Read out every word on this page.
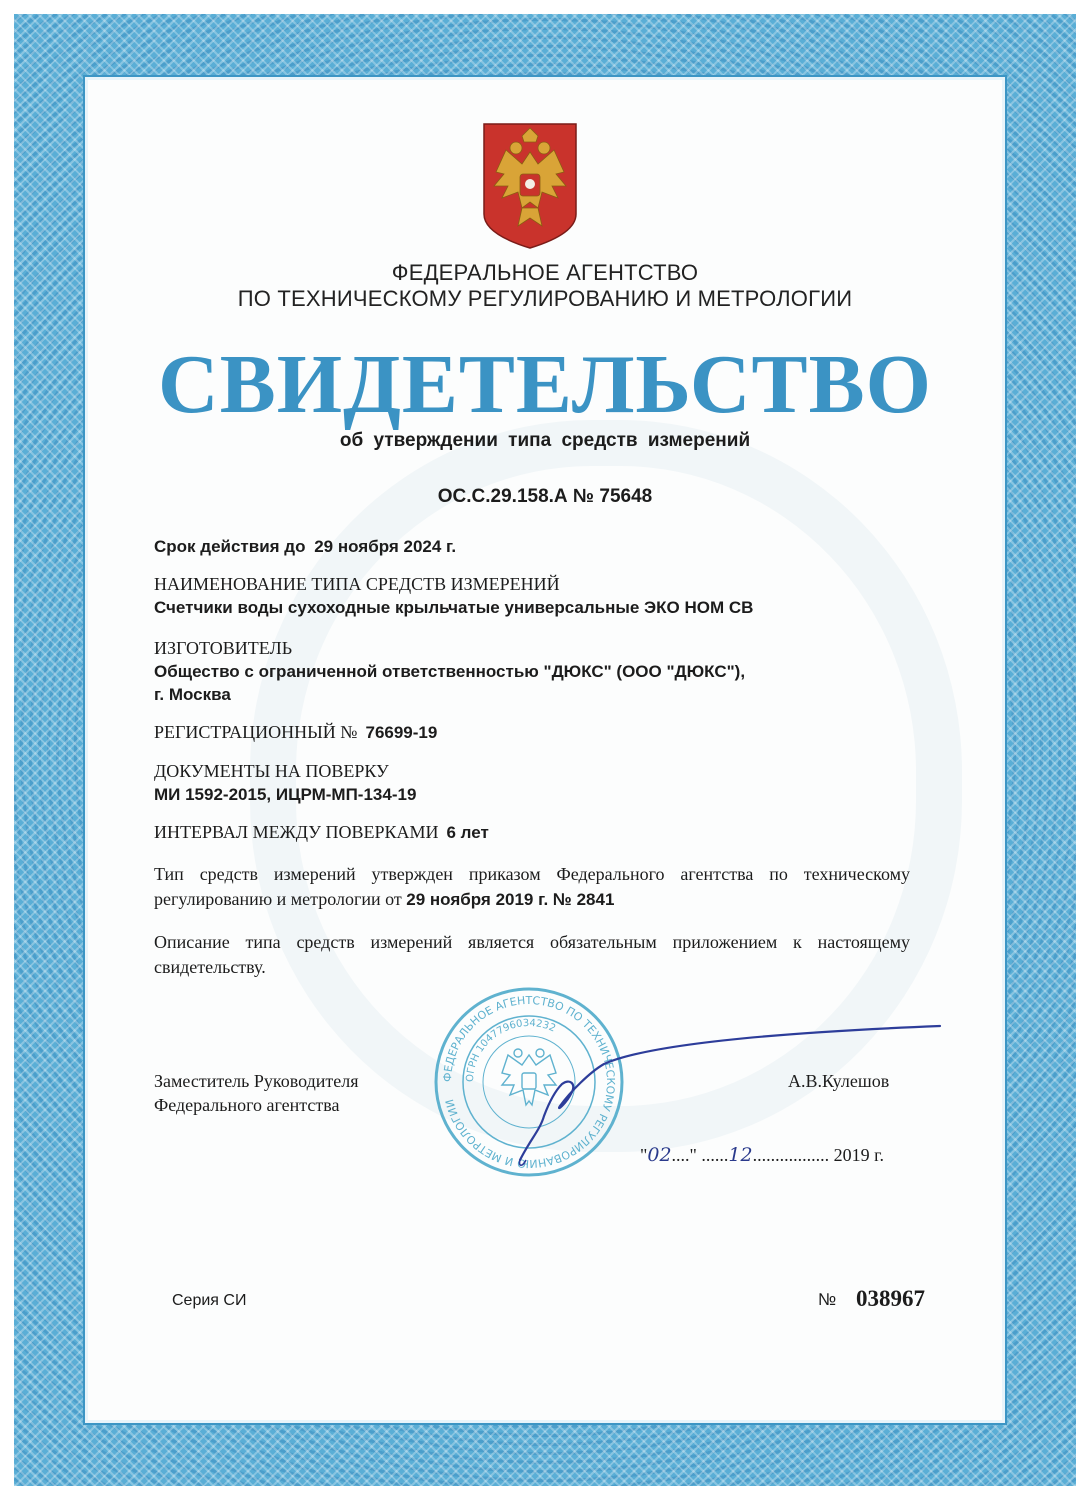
ФЕДЕРАЛЬНОЕ АГЕНТСТВО

ПО ТЕХНИЧЕСКОМУ РЕГУЛИРОВАНИЮ И МЕТРОЛОГИИ

СВИДЕТЕЛЬСТВО

об утверждении типа средств измерений

ОС.С.29.158.А № 75648

Срок действия до 29 ноября 2024 г.

НАИМЕНОВАНИЕ ТИПА СРЕДСТВ ИЗМЕРЕНИЙ

Счетчики воды сухоходные крыльчатые универсальные ЭКО НОМ СВ

ИЗГОТОВИТЕЛЬ

Общество с ограниченной ответственностью "ДЮКС" (ООО "ДЮКС"),

г. Москва

РЕГИСТРАЦИОННЫЙ № 76699-19

ДОКУМЕНТЫ НА ПОВЕРКУ

МИ 1592-2015, ИЦРМ-МП-134-19

ИНТЕРВАЛ МЕЖДУ ПОВЕРКАМИ 6 лет

Тип средств измерений утвержден приказом Федерального агентства по техническому регулированию и метрологии от 29 ноября 2019 г. № 2841

Описание типа средств измерений является обязательным приложением к настоящему свидетельству.

ФЕДЕРАЛЬНОЕ АГЕНТСТВО ПО ТЕХНИЧЕСКОМУ РЕГУЛИРОВАНИЮ И МЕТРОЛОГИИ
ОГРН 1047796034232

Заместитель Руководителя

Федерального агентства

А.В.Кулешов

"02...." ......12................. 2019 г.

Серия СИ	№ 038967
